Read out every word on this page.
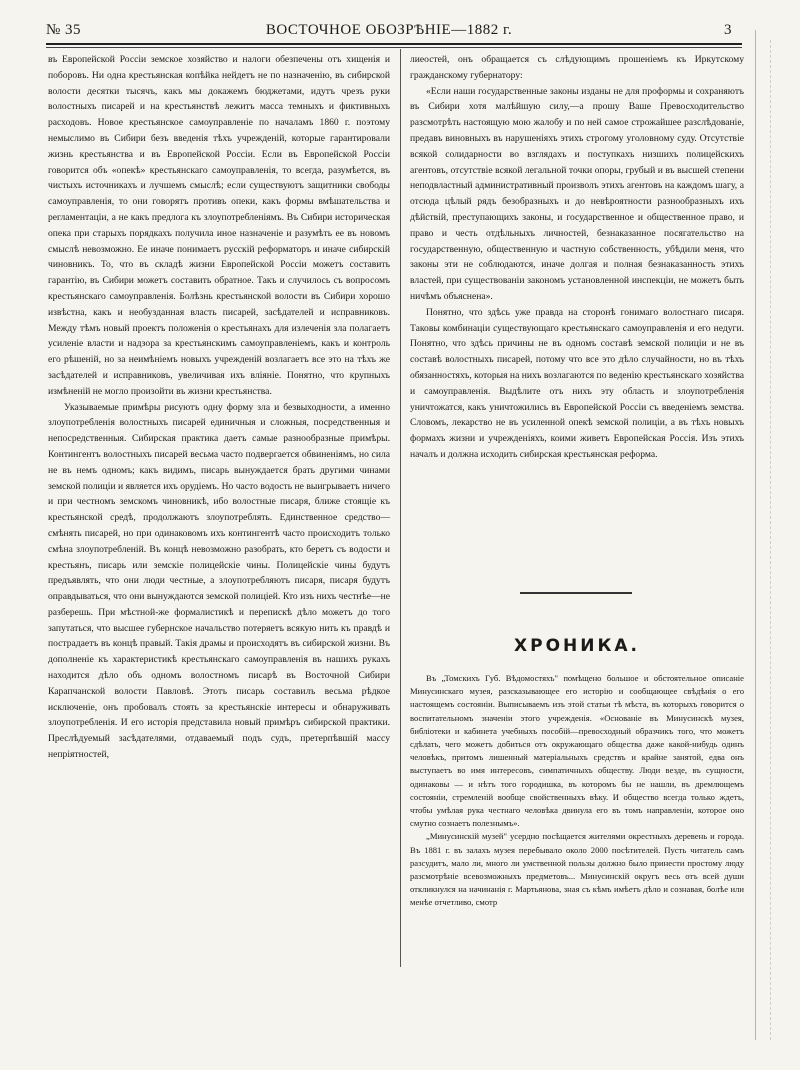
№ 35	ВОСТОЧНОЕ ОБОЗРѢНІЕ—1882 г.	3

въ Европейской Россіи земское хозяйство и налоги обезпечены отъ хищенія и поборовъ. Ни одна крестьянская копѣйка нейдетъ не по назначенію, въ сибирской волости десятки тысячъ, какъ мы докажемъ бюджетами, идутъ чрезъ руки волостныхъ писарей и на крестьянствѣ лежитъ масса темныхъ и фиктивныхъ расходовъ. Новое крестьянское самоуправленіе по началамъ 1860 г. поэтому немыслимо въ Сибири безъ введенія тѣхъ учрежденій, которые гарантировали жизнь крестьянства и въ Европейской Россіи. Если въ Европейской Россіи говорится объ «опекѣ» крестьянскаго самоуправленія, то всегда, разумѣется, въ чистыхъ источникахъ и лучшемъ смыслѣ; если существуютъ защитники свободы самоуправленія, то они говорятъ противъ опеки, какъ формы вмѣшательства и регламентаціи, а не какъ предлога къ злоупотребленіямъ. Въ Сибири историческая опека при старыхъ порядкахъ получила иное назначеніе и разумѣть ее въ новомъ смыслѣ невозможно. Ее иначе понимаетъ русскій реформаторъ и иначе сибирскій чиновникъ. То, что въ складѣ жизни Европейской Россіи можетъ составить гарантію, въ Сибири можетъ составить обратное. Такъ и случилось съ вопросомъ крестьянскаго самоуправленія. Болѣзнь крестьянской волости въ Сибири хорошо извѣстна, какъ и необузданная власть писарей, засѣдателей и исправниковъ. Между тѣмъ новый проектъ положенія о крестьянахъ для излеченія зла полагаетъ усиленіе власти и надзора за крестьянскимъ самоуправленіемъ, какъ и контроль его рѣшеній, но за неимѣніемъ новыхъ учрежденій возлагаетъ все это на тѣхъ же засѣдателей и исправниковъ, увеличивая ихъ вліяніе. Понятно, что крупныхъ измѣненій не могло произойти въ жизни крестьянства.

Указываемые примѣры рисуютъ одну форму зла и безвыходности, а именно злоупотребленія волостныхъ писарей единичныя и сложныя, посредственныя и непосредственныя. Сибирская практика даетъ самые разнообразные примѣры. Контингентъ волостныхъ писарей весьма часто подвергается обвиненіямъ, но сила не въ немъ одномъ; какъ видимъ, писарь вынуждается брать другими чинами земской полиціи и является ихъ орудіемъ. Но часто водость не выигрываетъ ничего и при честномъ земскомъ чиновникѣ, ибо волостные писаря, ближе стоящіе къ крестьянской средѣ, продолжаютъ злоупотреблять. Единственное средство—смѣнять писарей, но при одинаковомъ ихъ контингентѣ часто происходитъ только смѣна злоупотребленій. Въ концѣ невозможно разобрать, кто беретъ съ водости и крестьянъ, писарь или земскіе полицейскіе чины. Полицейскіе чины будутъ предъявлять, что они люди честные, а злоупотребляютъ писаря, писаря будутъ оправдываться, что они вынуждаются земской полиціей. Кто изъ нихъ честнѣе—не разберешь. При мѣстной-же формалистикѣ и перепискѣ дѣло можетъ до того запутаться, что высшее губернское начальство потеряетъ всякую нить къ правдѣ и пострадаетъ въ концѣ правый. Такія драмы и происходятъ въ сибирской жизни. Въ дополненіе къ характеристикѣ крестьянскаго самоуправленія въ нашихъ рукахъ находится дѣло объ одномъ волостномъ писарѣ въ Восточной Сибири Карапчанской волости Павловѣ. Этотъ писарь составилъ весьма рѣдкое исключеніе, онъ пробовалъ стоять за крестьянскіе интересы и обнаруживать злоупотребленія. И его исторія представила новый примѣръ сибирской практики. Преслѣдуемый засѣдателями, отдаваемый подъ судъ, претерпѣвшій массу непріятностей,

лиеостей, онъ обращается съ слѣдующимъ прошеніемъ къ Иркутскому гражданскому губернатору:

«Если наши государственные законы изданы не для проформы и сохраняютъ въ Сибири хотя малѣйшую силу,—а прошу Ваше Превосходительство разсмотрѣть настоящую мою жалобу и по ней самое строжайшее разслѣдованіе, предавъ виновныхъ въ нарушеніяхъ этихъ строгому уголовному суду. Отсутствіе всякой солидарности во взглядахъ и поступкахъ низшихъ полицейскихъ агентовъ, отсутствіе всякой легальной точки опоры, грубый и въ высшей степени неподвластный административный произволъ этихъ агентовъ на каждомъ шагу, а отсюда цѣлый рядъ безобразныхъ и до невѣроятности разнообразныхъ ихъ дѣйствій, преступающихъ законы, и государственное и общественное право, и право и честь отдѣльныхъ личностей, безнаказанное посягательство на государственную, общественную и частную собственность, убѣдили меня, что законы эти не соблюдаются, иначе долгая и полная безнаказанность этихъ властей, при существованіи закономъ установленной инспекціи, не можетъ быть ничѣмъ объяснена».

Понятно, что здѣсь уже правда на сторонѣ гонимаго волостнаго писаря. Таковы комбинаціи существующаго крестьянскаго самоуправленія и его недуги. Понятно, что здѣсь причины не въ одномъ составѣ земской полиціи и не въ составѣ волостныхъ писарей, потому что все это дѣло случайности, но въ тѣхъ обязанностяхъ, которыя на нихъ возлагаются по веденію крестьянскаго хозяйства и самоуправленія. Выдѣлите отъ нихъ эту область и злоупотребленія уничтожатся, какъ уничтожились въ Европейской Россіи съ введеніемъ земства. Словомъ, лекарство не въ усиленной опекѣ земской полиціи, а въ тѣхъ новыхъ формахъ жизни и учрежденіяхъ, коими живетъ Европейская Россія. Изъ этихъ началъ и должна исходить сибирская крестьянская реформа.

ХРОНИКА.

Въ „Томскихъ Губ. Вѣдомостяхъ" помѣщено большое и обстоятельное описаніе Минусинскаго музея, разсказывающее его исторію и сообщающее свѣдѣнія о его настоящемъ состояніи. Выписываемъ изъ этой статьи тѣ мѣста, въ которыхъ говорится о воспитательномъ значеніи этого учрежденія. «Основаніе въ Минусинскѣ музея, библіотеки и кабинета учебныхъ пособій—превосходный образчикъ того, что можетъ сдѣлать, чего можетъ добиться отъ окружающаго общества даже какой-нибудь одинъ человѣкъ, притомъ лишенный матеріальныхъ средствъ и крайне занятой, едва онъ выступаетъ во имя интересовъ, симпатичныхъ обществу. Люди везде, въ сущности, одинаковы — и нѣтъ того городишка, въ которомъ бы не нашли, въ дремлющемъ состояніи, стремленій вообще свойственныхъ вѣку. И общество всегда только ждетъ, чтобы умѣлая рука честнаго человѣка двинула его въ томъ направленіи, которое оно смутно сознаетъ полезнымъ».

„Минусинскій музей" усердно посѣщается жителями окрестныхъ деревень и города. Въ 1881 г. въ залахъ музея перебывало около 2000 посѣтителей. Пусть читатель самъ разсудитъ, мало ли, много ли умственной пользы должно было принести простому люду разсмотрѣніе всевозможныхъ предметовъ... Минусинскій округъ весь отъ всей души откликнулся на начинанія г. Мартьянова, зная съ кѣмъ имѣетъ дѣло и сознавая, болѣе или менѣе отчетливо, смотр
